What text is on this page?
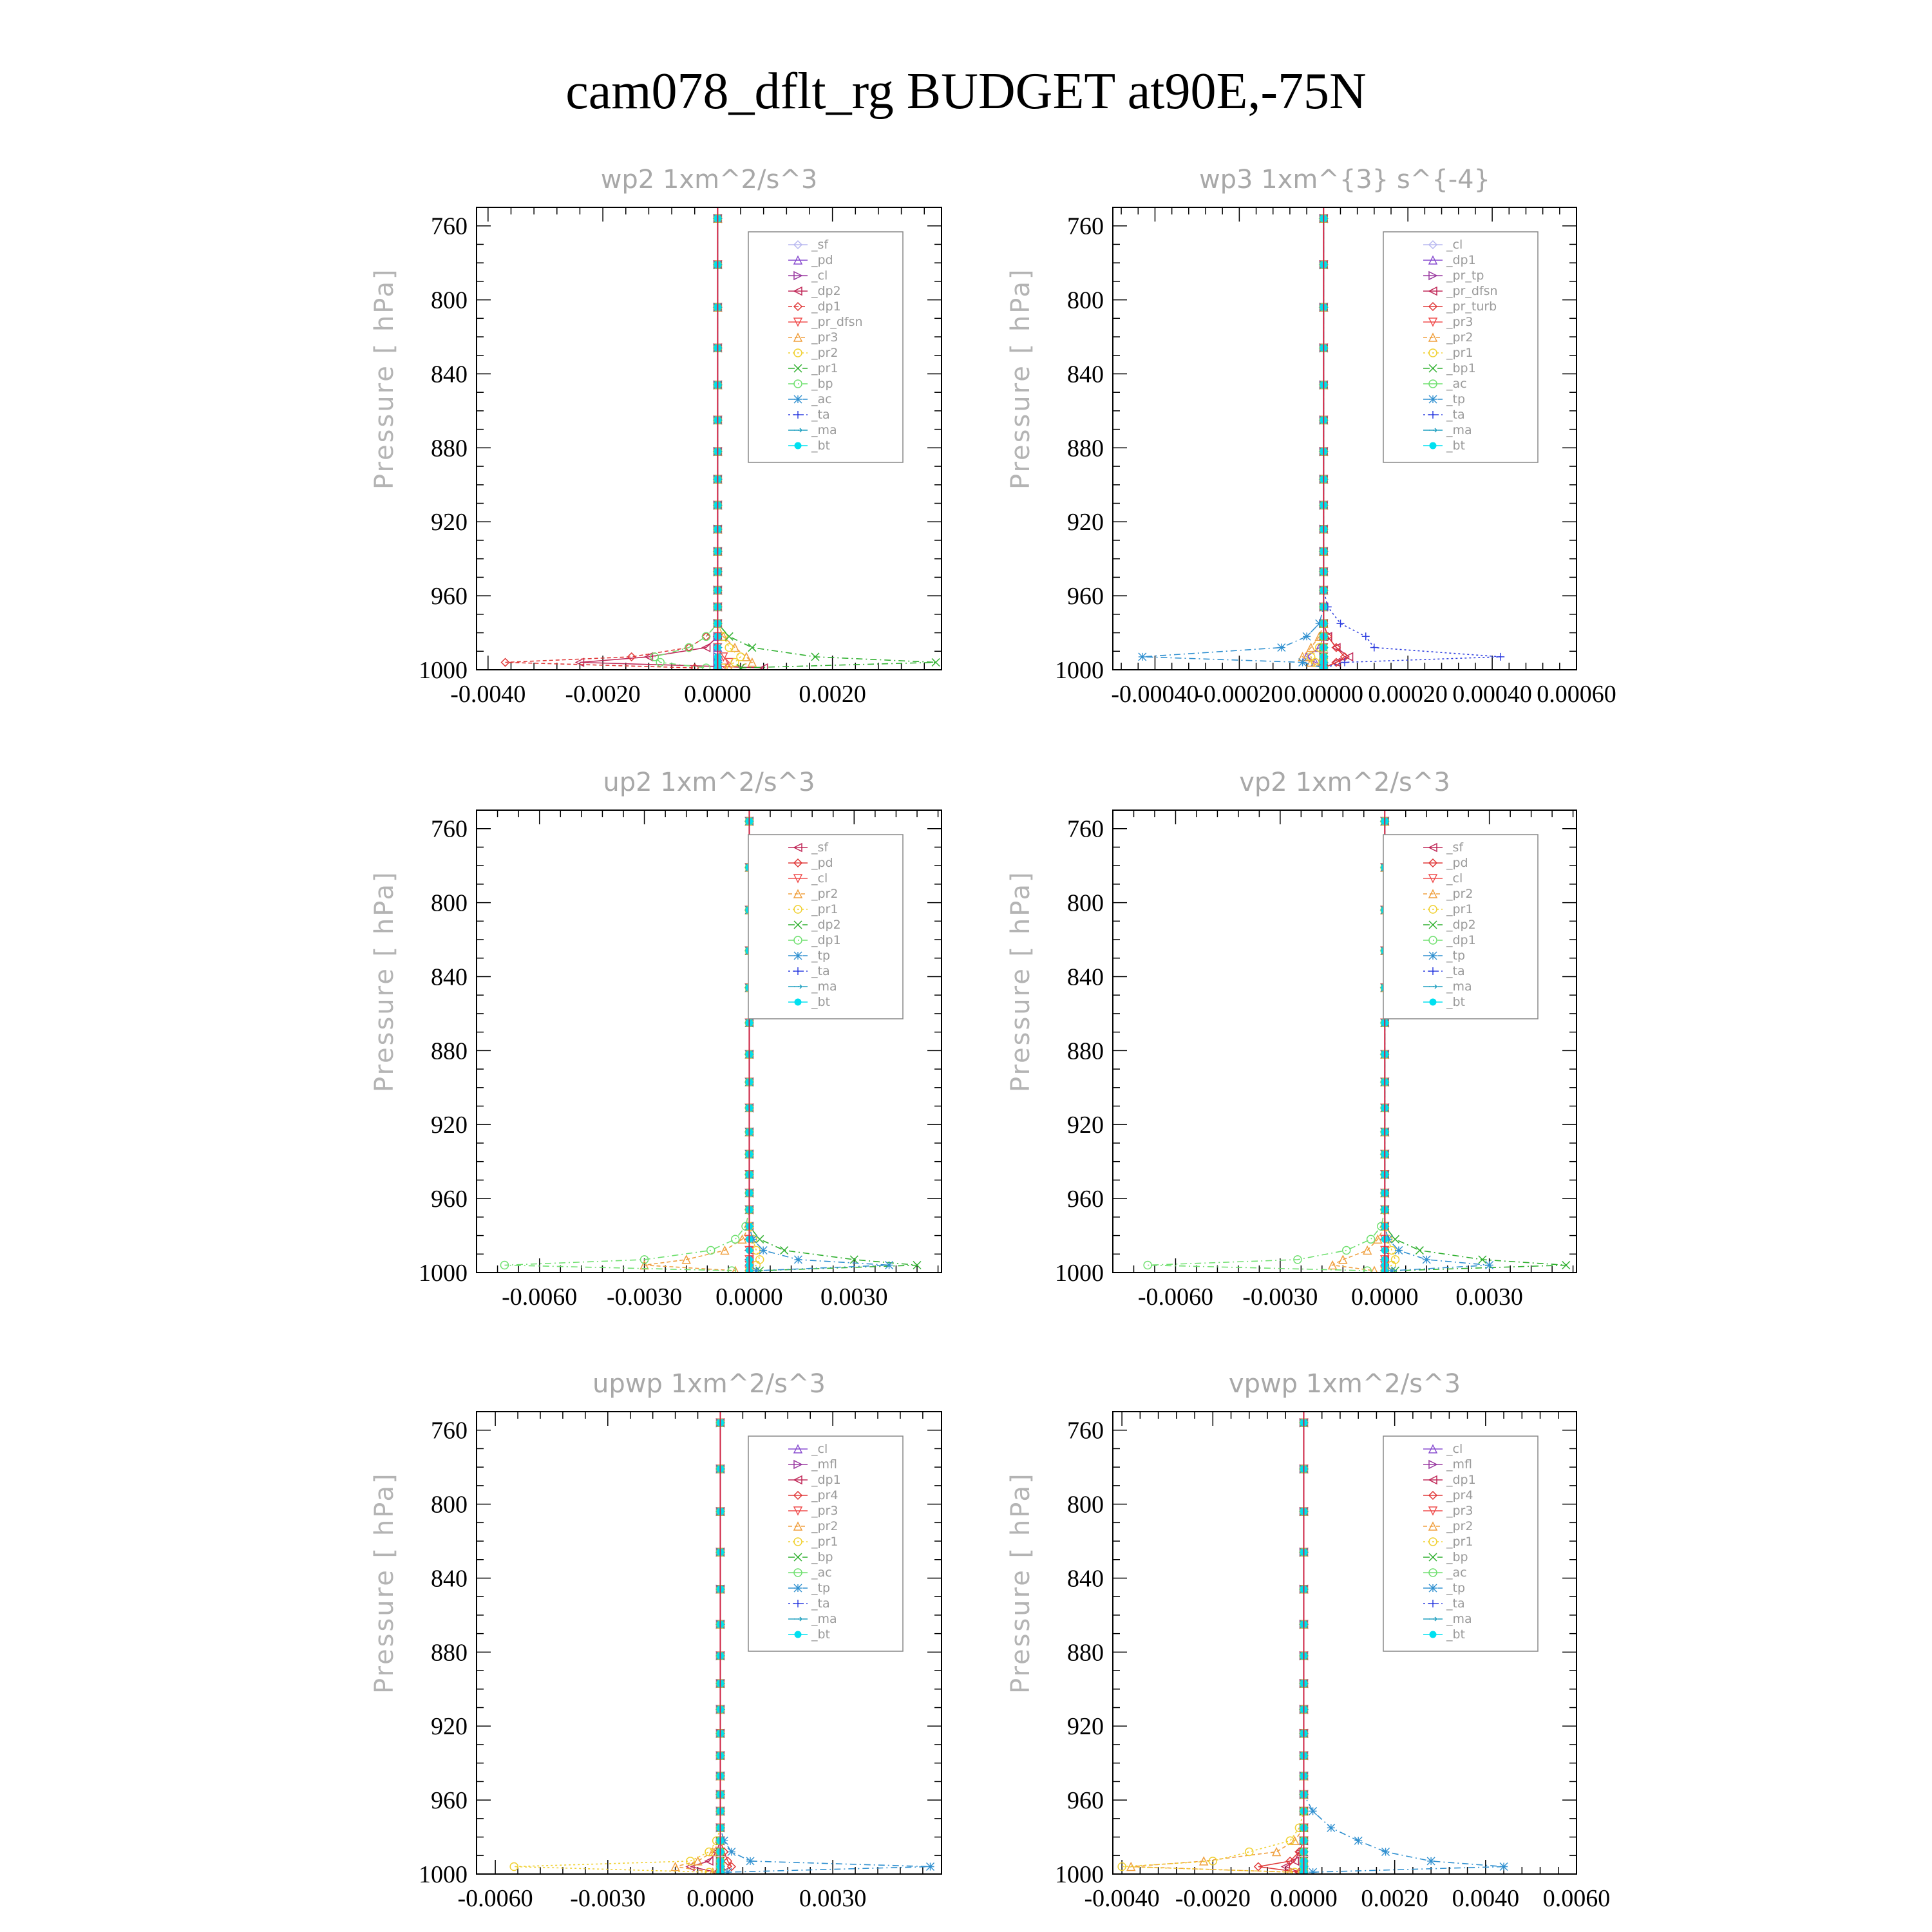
cam078_dflt_rg BUDGET at90E,-75N
wp2 1xm^2/s^3
Pressure [ hPa]
760
800
840
880
920
960
1000
-0.0040 -0.0020 0.0000 0.0020
_sf
_pd
_cl
_dp2
_dp1
_pr_dfsn
_pr3
_pr2
_pr1
_bp
_ac
_ta
_ma
_bt
wp3 1xm^{3} s^{-4}
Pressure [ hPa]
760
800
840
880
920
960
1000
-0.00040
-0.00020 0.00000 0.00020 0.00040 0.00060
_cl
_dp1
_pr_tp
_pr_dfsn
_pr_turb
_pr3
_pr2
_pr1
_bp1
_ac
_tp
_ta
_ma
_bt
up2 1xm^2/s^3
Pressure [ hPa]
760
800
840
880
920
960
1000
-0.0060 -0.0030 0.0000 0.0030
_sf
_pd
_cl
_pr2
_pr1
_dp2
_dp1
_tp
_ta
_ma
_bt
vp2 1xm^2/s^3
Pressure [ hPa]
760
800
840
880
920
960
1000
-0.0060 -0.0030 0.0000 0.0030
_sf
_pd
_cl
_pr2
_pr1
_dp2
_dp1
_tp
_ta
_ma
_bt
upwp 1xm^2/s^3
Pressure [ hPa]
760
800
840
880
920
960
1000
-0.0060 -0.0030 0.0000 0.0030
_cl
_mfl
_dp1
_pr4
_pr3
_pr2
_pr1
_bp
_ac
_tp
_ta
_ma
_bt
vpwp 1xm^2/s^3
Pressure [ hPa]
760
800
840
880
920
960
1000
-0.0040 -0.0020 0.0000 0.0020 0.0040 0.0060
_cl
_mfl
_dp1
_pr4
_pr3
_pr2
_pr1
_bp
_ac
_tp
_ta
_ma
_bt
